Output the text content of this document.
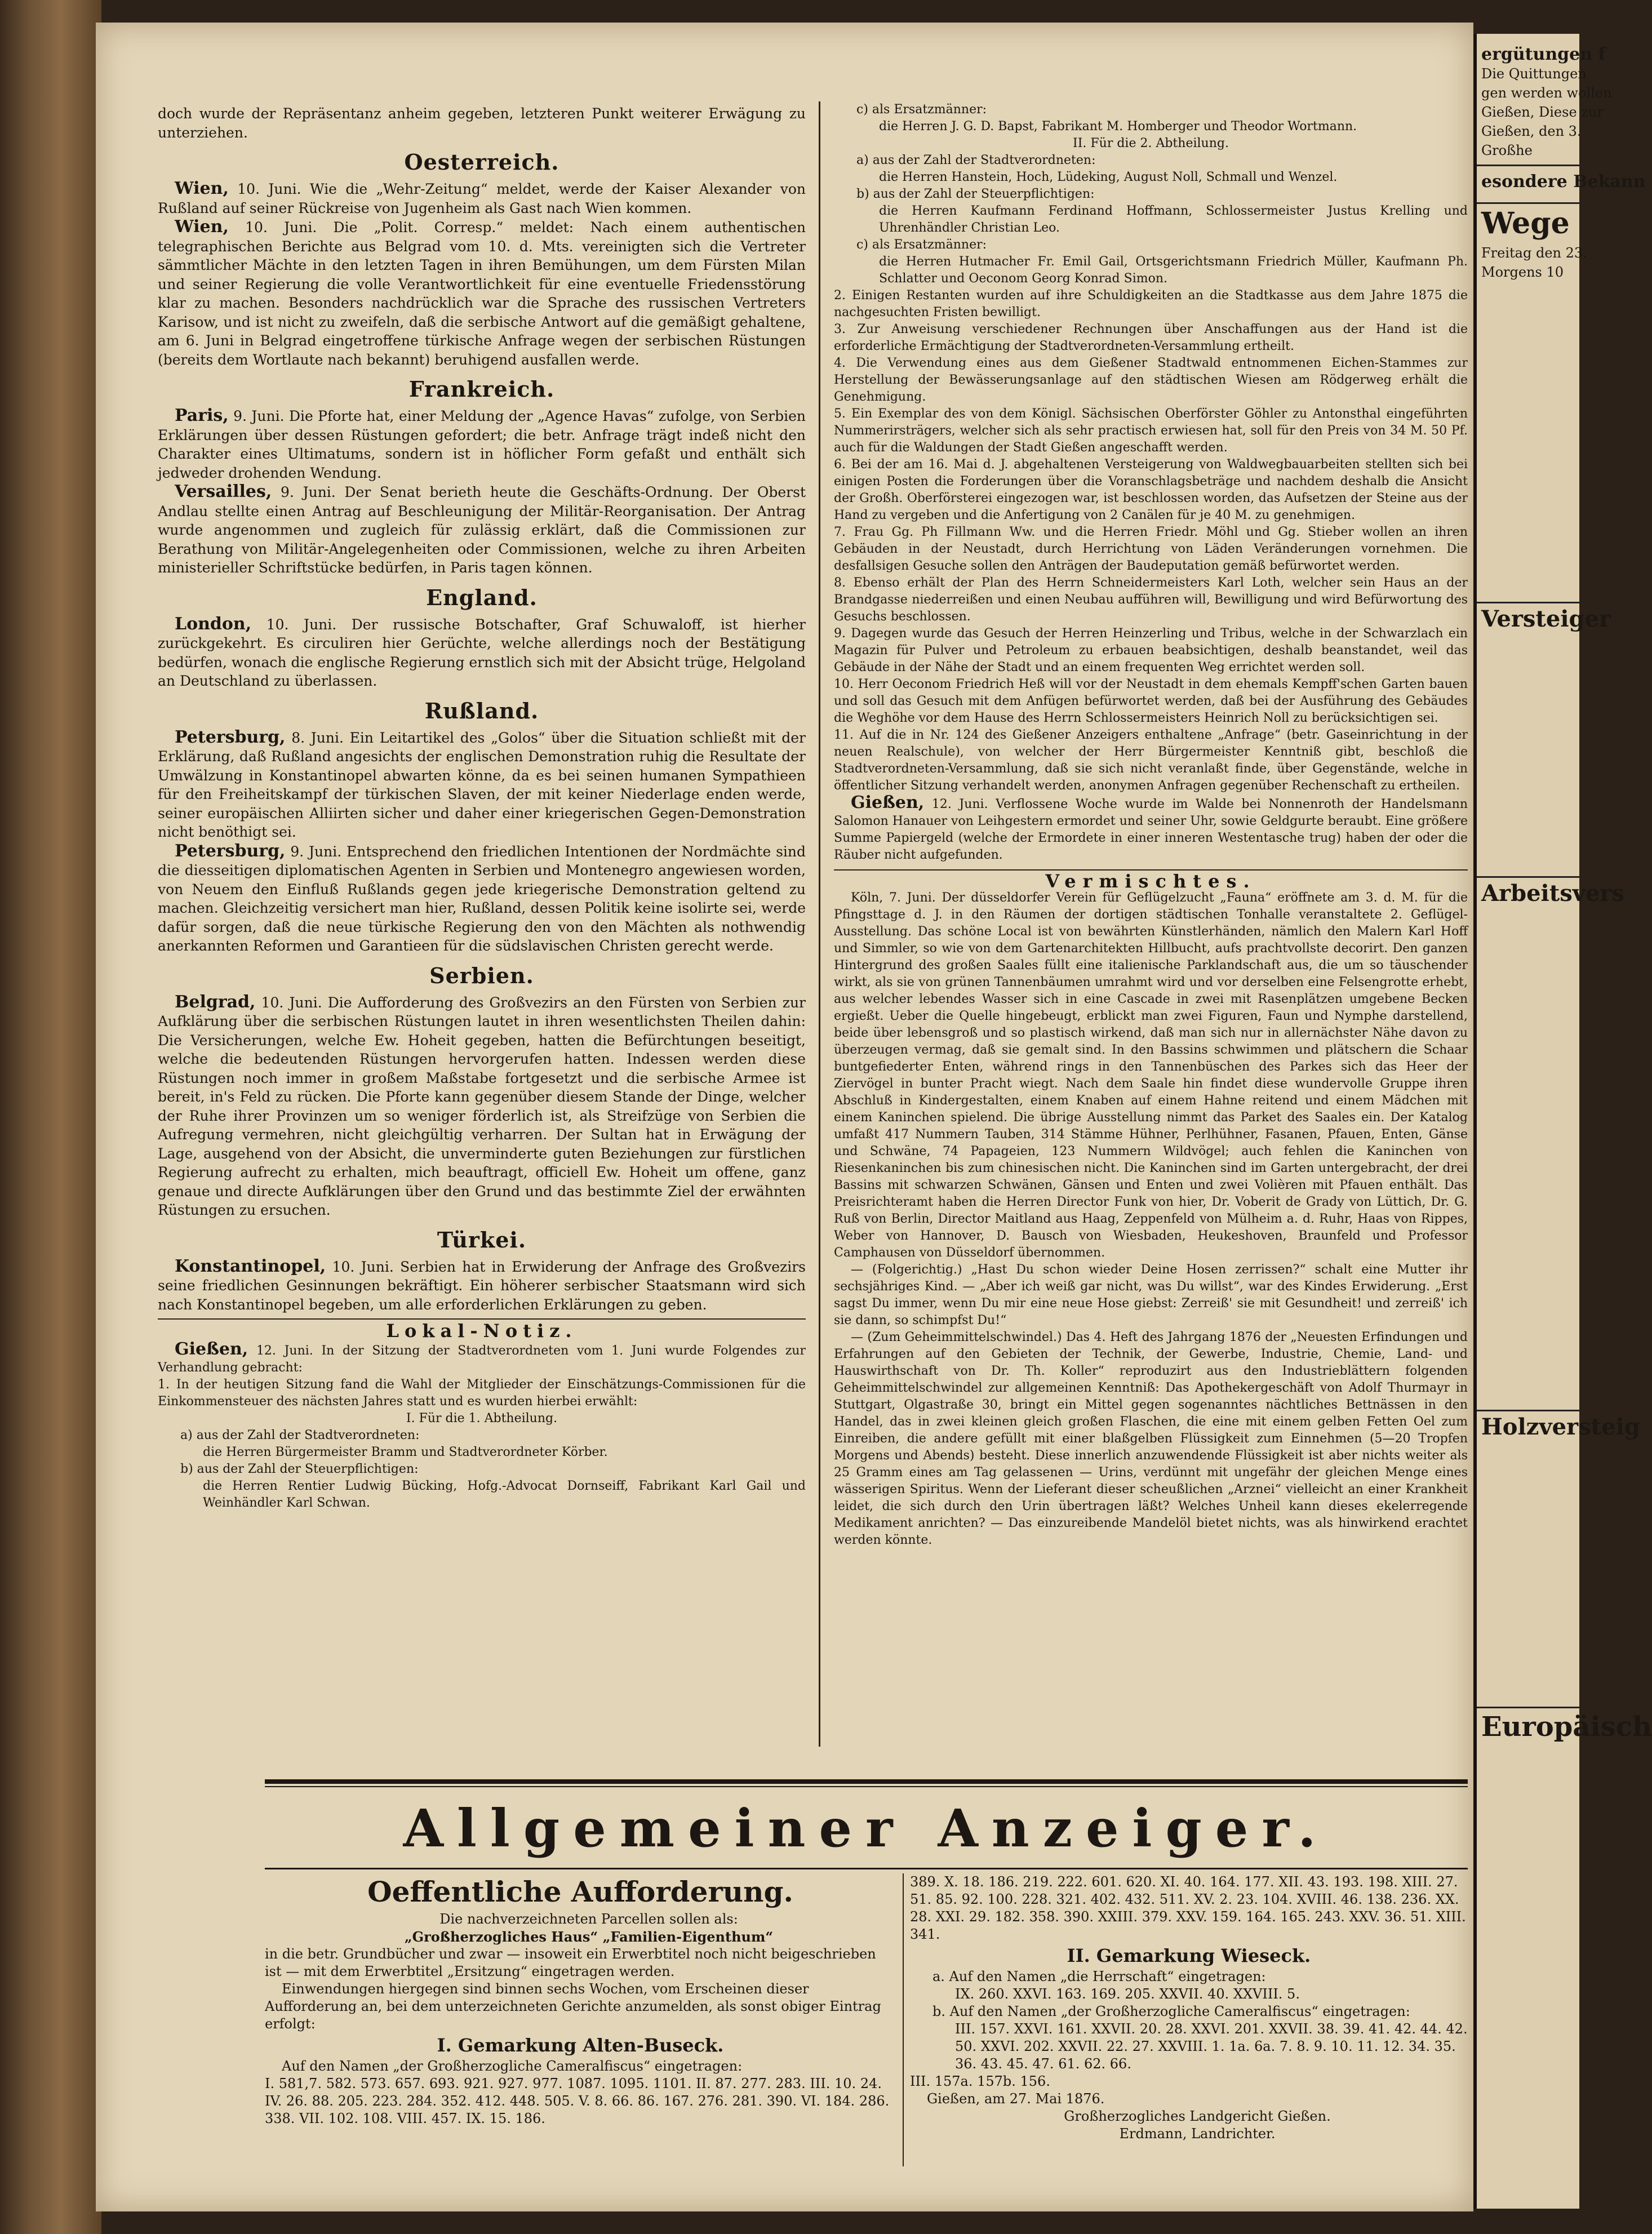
doch wurde der Repräsentanz anheim gegeben, letzteren Punkt weiterer Erwägung zu unterziehen.

Oesterreich.

Wien, 10. Juni. Wie die „Wehr-Zeitung“ meldet, werde der Kaiser Alexander von Rußland auf seiner Rückreise von Jugenheim als Gast nach Wien kommen.

Wien, 10. Juni. Die „Polit. Corresp.“ meldet: Nach einem authentischen telegraphischen Berichte aus Belgrad vom 10. d. Mts. vereinigten sich die Vertreter sämmtlicher Mächte in den letzten Tagen in ihren Bemühungen, um dem Fürsten Milan und seiner Regierung die volle Verantwortlichkeit für eine eventuelle Friedensstörung klar zu machen. Besonders nachdrücklich war die Sprache des russischen Vertreters Karisow, und ist nicht zu zweifeln, daß die serbische Antwort auf die gemäßigt gehaltene, am 6. Juni in Belgrad eingetroffene türkische Anfrage wegen der serbischen Rüstungen (bereits dem Wortlaute nach bekannt) beruhigend ausfallen werde.

Frankreich.

Paris, 9. Juni. Die Pforte hat, einer Meldung der „Agence Havas“ zufolge, von Serbien Erklärungen über dessen Rüstungen gefordert; die betr. Anfrage trägt indeß nicht den Charakter eines Ultimatums, sondern ist in höflicher Form gefaßt und enthält sich jedweder drohenden Wendung.

Versailles, 9. Juni. Der Senat berieth heute die Geschäfts-Ordnung. Der Oberst Andlau stellte einen Antrag auf Beschleunigung der Militär-Reorganisation. Der Antrag wurde angenommen und zugleich für zulässig erklärt, daß die Commissionen zur Berathung von Militär-Angelegenheiten oder Commissionen, welche zu ihren Arbeiten ministerieller Schriftstücke bedürfen, in Paris tagen können.

England.

London, 10. Juni. Der russische Botschafter, Graf Schuwaloff, ist hierher zurückgekehrt. Es circuliren hier Gerüchte, welche allerdings noch der Bestätigung bedürfen, wonach die englische Regierung ernstlich sich mit der Absicht trüge, Helgoland an Deutschland zu überlassen.

Rußland.

Petersburg, 8. Juni. Ein Leitartikel des „Golos“ über die Situation schließt mit der Erklärung, daß Rußland angesichts der englischen Demonstration ruhig die Resultate der Umwälzung in Konstantinopel abwarten könne, da es bei seinen humanen Sympathieen für den Freiheitskampf der türkischen Slaven, der mit keiner Niederlage enden werde, seiner europäischen Alliirten sicher und daher einer kriegerischen Gegen-Demonstration nicht benöthigt sei.

Petersburg, 9. Juni. Entsprechend den friedlichen Intentionen der Nordmächte sind die diesseitigen diplomatischen Agenten in Serbien und Montenegro angewiesen worden, von Neuem den Einfluß Rußlands gegen jede kriegerische Demonstration geltend zu machen. Gleichzeitig versichert man hier, Rußland, dessen Politik keine isolirte sei, werde dafür sorgen, daß die neue türkische Regierung den von den Mächten als nothwendig anerkannten Reformen und Garantieen für die südslavischen Christen gerecht werde.

Serbien.

Belgrad, 10. Juni. Die Aufforderung des Großvezirs an den Fürsten von Serbien zur Aufklärung über die serbischen Rüstungen lautet in ihren wesentlichsten Theilen dahin: Die Versicherungen, welche Ew. Hoheit gegeben, hatten die Befürchtungen beseitigt, welche die bedeutenden Rüstungen hervorgerufen hatten. Indessen werden diese Rüstungen noch immer in großem Maßstabe fortgesetzt und die serbische Armee ist bereit, in's Feld zu rücken. Die Pforte kann gegenüber diesem Stande der Dinge, welcher der Ruhe ihrer Provinzen um so weniger förderlich ist, als Streifzüge von Serbien die Aufregung vermehren, nicht gleichgültig verharren. Der Sultan hat in Erwägung der Lage, ausgehend von der Absicht, die unverminderte guten Beziehungen zur fürstlichen Regierung aufrecht zu erhalten, mich beauftragt, officiell Ew. Hoheit um offene, ganz genaue und directe Aufklärungen über den Grund und das bestimmte Ziel der erwähnten Rüstungen zu ersuchen.

Türkei.

Konstantinopel, 10. Juni. Serbien hat in Erwiderung der Anfrage des Großvezirs seine friedlichen Gesinnungen bekräftigt. Ein höherer serbischer Staatsmann wird sich nach Konstantinopel begeben, um alle erforderlichen Erklärungen zu geben.

Lokal-Notiz.

Gießen, 12. Juni. In der Sitzung der Stadtverordneten vom 1. Juni wurde Folgendes zur Verhandlung gebracht:

1. In der heutigen Sitzung fand die Wahl der Mitglieder der Einschätzungs-Commissionen für die Einkommensteuer des nächsten Jahres statt und es wurden hierbei erwählt:

I. Für die 1. Abtheilung.

a) aus der Zahl der Stadtverordneten:

die Herren Bürgermeister Bramm und Stadtverordneter Körber.

b) aus der Zahl der Steuerpflichtigen:

die Herren Rentier Ludwig Bücking, Hofg.-Advocat Dornseiff, Fabrikant Karl Gail und Weinhändler Karl Schwan.

c) als Ersatzmänner:

die Herren J. G. D. Bapst, Fabrikant M. Homberger und Theodor Wortmann.

II. Für die 2. Abtheilung.

a) aus der Zahl der Stadtverordneten:

die Herren Hanstein, Hoch, Lüdeking, August Noll, Schmall und Wenzel.

b) aus der Zahl der Steuerpflichtigen:

die Herren Kaufmann Ferdinand Hoffmann, Schlossermeister Justus Krelling und Uhrenhändler Christian Leo.

c) als Ersatzmänner:

die Herren Hutmacher Fr. Emil Gail, Ortsgerichtsmann Friedrich Müller, Kaufmann Ph. Schlatter und Oeconom Georg Konrad Simon.

2. Einigen Restanten wurden auf ihre Schuldigkeiten an die Stadtkasse aus dem Jahre 1875 die nachgesuchten Fristen bewilligt.

3. Zur Anweisung verschiedener Rechnungen über Anschaffungen aus der Hand ist die erforderliche Ermächtigung der Stadtverordneten-Versammlung ertheilt.

4. Die Verwendung eines aus dem Gießener Stadtwald entnommenen Eichen-Stammes zur Herstellung der Bewässerungsanlage auf den städtischen Wiesen am Rödgerweg erhält die Genehmigung.

5. Ein Exemplar des von dem Königl. Sächsischen Oberförster Göhler zu Antonsthal eingeführten Nummerirsträgers, welcher sich als sehr practisch erwiesen hat, soll für den Preis von 34 M. 50 Pf. auch für die Waldungen der Stadt Gießen angeschafft werden.

6. Bei der am 16. Mai d. J. abgehaltenen Versteigerung von Waldwegbauarbeiten stellten sich bei einigen Posten die Forderungen über die Voranschlagsbeträge und nachdem deshalb die Ansicht der Großh. Oberförsterei eingezogen war, ist beschlossen worden, das Aufsetzen der Steine aus der Hand zu vergeben und die Anfertigung von 2 Canälen für je 40 M. zu genehmigen.

7. Frau Gg. Ph Fillmann Ww. und die Herren Friedr. Möhl und Gg. Stieber wollen an ihren Gebäuden in der Neustadt, durch Herrichtung von Läden Veränderungen vornehmen. Die desfallsigen Gesuche sollen den Anträgen der Baudeputation gemäß befürwortet werden.

8. Ebenso erhält der Plan des Herrn Schneidermeisters Karl Loth, welcher sein Haus an der Brandgasse niederreißen und einen Neubau aufführen will, Bewilligung und wird Befürwortung des Gesuchs beschlossen.

9. Dagegen wurde das Gesuch der Herren Heinzerling und Tribus, welche in der Schwarzlach ein Magazin für Pulver und Petroleum zu erbauen beabsichtigen, deshalb beanstandet, weil das Gebäude in der Nähe der Stadt und an einem frequenten Weg errichtet werden soll.

10. Herr Oeconom Friedrich Heß will vor der Neustadt in dem ehemals Kempff'schen Garten bauen und soll das Gesuch mit dem Anfügen befürwortet werden, daß bei der Ausführung des Gebäudes die Weghöhe vor dem Hause des Herrn Schlossermeisters Heinrich Noll zu berücksichtigen sei.

11. Auf die in Nr. 124 des Gießener Anzeigers enthaltene „Anfrage“ (betr. Gaseinrichtung in der neuen Realschule), von welcher der Herr Bürgermeister Kenntniß gibt, beschloß die Stadtverordneten-Versammlung, daß sie sich nicht veranlaßt finde, über Gegenstände, welche in öffentlicher Sitzung verhandelt werden, anonymen Anfragen gegenüber Rechenschaft zu ertheilen.

Gießen, 12. Juni. Verflossene Woche wurde im Walde bei Nonnenroth der Handelsmann Salomon Hanauer von Leihgestern ermordet und seiner Uhr, sowie Geldgurte beraubt. Eine größere Summe Papiergeld (welche der Ermordete in einer inneren Westentasche trug) haben der oder die Räuber nicht aufgefunden.

Vermischtes.

Köln, 7. Juni. Der düsseldorfer Verein für Geflügelzucht „Fauna“ eröffnete am 3. d. M. für die Pfingsttage d. J. in den Räumen der dortigen städtischen Tonhalle veranstaltete 2. Geflügel-Ausstellung. Das schöne Local ist von bewährten Künstlerhänden, nämlich den Malern Karl Hoff und Simmler, so wie von dem Gartenarchitekten Hillbucht, aufs prachtvollste decorirt. Den ganzen Hintergrund des großen Saales füllt eine italienische Parklandschaft aus, die um so täuschender wirkt, als sie von grünen Tannenbäumen umrahmt wird und vor derselben eine Felsengrotte erhebt, aus welcher lebendes Wasser sich in eine Cascade in zwei mit Rasenplätzen umgebene Becken ergießt. Ueber die Quelle hingebeugt, erblickt man zwei Figuren, Faun und Nymphe darstellend, beide über lebensgroß und so plastisch wirkend, daß man sich nur in allernächster Nähe davon zu überzeugen vermag, daß sie gemalt sind. In den Bassins schwimmen und plätschern die Schaar buntgefiederter Enten, während rings in den Tannenbüschen des Parkes sich das Heer der Ziervögel in bunter Pracht wiegt. Nach dem Saale hin findet diese wundervolle Gruppe ihren Abschluß in Kindergestalten, einem Knaben auf einem Hahne reitend und einem Mädchen mit einem Kaninchen spielend. Die übrige Ausstellung nimmt das Parket des Saales ein. Der Katalog umfaßt 417 Nummern Tauben, 314 Stämme Hühner, Perlhühner, Fasanen, Pfauen, Enten, Gänse und Schwäne, 74 Papageien, 123 Nummern Wildvögel; auch fehlen die Kaninchen von Riesenkaninchen bis zum chinesischen nicht. Die Kaninchen sind im Garten untergebracht, der drei Bassins mit schwarzen Schwänen, Gänsen und Enten und zwei Volièren mit Pfauen enthält. Das Preisrichteramt haben die Herren Director Funk von hier, Dr. Voberit de Grady von Lüttich, Dr. G. Ruß von Berlin, Director Maitland aus Haag, Zeppenfeld von Mülheim a. d. Ruhr, Haas von Rippes, Weber von Hannover, D. Bausch von Wiesbaden, Heukeshoven, Braunfeld und Professor Camphausen von Düsseldorf übernommen.

— (Folgerichtig.) „Hast Du schon wieder Deine Hosen zerrissen?“ schalt eine Mutter ihr sechsjähriges Kind. — „Aber ich weiß gar nicht, was Du willst“, war des Kindes Erwiderung. „Erst sagst Du immer, wenn Du mir eine neue Hose giebst: Zerreiß' sie mit Gesundheit! und zerreiß' ich sie dann, so schimpfst Du!“

— (Zum Geheimmittelschwindel.) Das 4. Heft des Jahrgang 1876 der „Neuesten Erfindungen und Erfahrungen auf den Gebieten der Technik, der Gewerbe, Industrie, Chemie, Land- und Hauswirthschaft von Dr. Th. Koller“ reproduzirt aus den Industrieblättern folgenden Geheimmittelschwindel zur allgemeinen Kenntniß: Das Apothekergeschäft von Adolf Thurmayr in Stuttgart, Olgastraße 30, bringt ein Mittel gegen sogenanntes nächtliches Bettnässen in den Handel, das in zwei kleinen gleich großen Flaschen, die eine mit einem gelben Fetten Oel zum Einreiben, die andere gefüllt mit einer blaßgelben Flüssigkeit zum Einnehmen (5—20 Tropfen Morgens und Abends) besteht. Diese innerlich anzuwendende Flüssigkeit ist aber nichts weiter als 25 Gramm eines am Tag gelassenen — Urins, verdünnt mit ungefähr der gleichen Menge eines wässerigen Spiritus. Wenn der Lieferant dieser scheußlichen „Arznei“ vielleicht an einer Krankheit leidet, die sich durch den Urin übertragen läßt? Welches Unheil kann dieses ekelerregende Medikament anrichten? — Das einzureibende Mandelöl bietet nichts, was als hinwirkend erachtet werden könnte.

Allgemeiner Anzeiger.
Oeffentliche Aufforderung.

Die nachverzeichneten Parcellen sollen als:

„Großherzogliches Haus“ „Familien-Eigenthum“

in die betr. Grundbücher und zwar — insoweit ein Erwerbtitel noch nicht beigeschrieben ist — mit dem Erwerbtitel „Ersitzung“ eingetragen werden.

Einwendungen hiergegen sind binnen sechs Wochen, vom Erscheinen dieser Aufforderung an, bei dem unterzeichneten Gerichte anzumelden, als sonst obiger Eintrag erfolgt:

I. Gemarkung Alten-Buseck.

Auf den Namen „der Großherzogliche Cameralfiscus“ eingetragen:

I. 581,7. 582. 573. 657. 693. 921. 927. 977. 1087. 1095. 1101. II. 87. 277. 283. III. 10. 24. IV. 26. 88. 205. 223. 284. 352. 412. 448. 505. V. 8. 66. 86. 167. 276. 281. 390. VI. 184. 286. 338. VII. 102. 108. VIII. 457. IX. 15. 186.

389. X. 18. 186. 219. 222. 601. 620. XI. 40. 164. 177. XII. 43. 193. 198. XIII. 27. 51. 85. 92. 100. 228. 321. 402. 432. 511. XV. 2. 23. 104. XVIII. 46. 138. 236. XX. 28. XXI. 29. 182. 358. 390. XXIII. 379. XXV. 159. 164. 165. 243. XXV. 36. 51. XIII. 341.

II. Gemarkung Wieseck.

a. Auf den Namen „die Herrschaft“ eingetragen:

IX. 260. XXVI. 163. 169. 205. XXVII. 40. XXVIII. 5.

b. Auf den Namen „der Großherzogliche Cameralfiscus“ eingetragen:

III. 157. XXVI. 161. XXVII. 20. 28. XXVI. 201. XXVII. 38. 39. 41. 42. 44. 42. 50. XXVI. 202. XXVII. 22. 27. XXVIII. 1. 1a. 6a. 7. 8. 9. 10. 11. 12. 34. 35. 36. 43. 45. 47. 61. 62. 66.

III. 157a. 157b. 156.

Gießen, am 27. Mai 1876.

Großherzogliches Landgericht Gießen.

Erdmann, Landrichter.

ergütungen f
Die Quittungen
gen werden wollen
Gießen, Diese zur
Gießen, den 3.
Großhe
esondere Bekann
Wege
Freitag den 23.
Morgens 10
Versteiger
Arbeitsvers
Holzversteig
Europäisch
